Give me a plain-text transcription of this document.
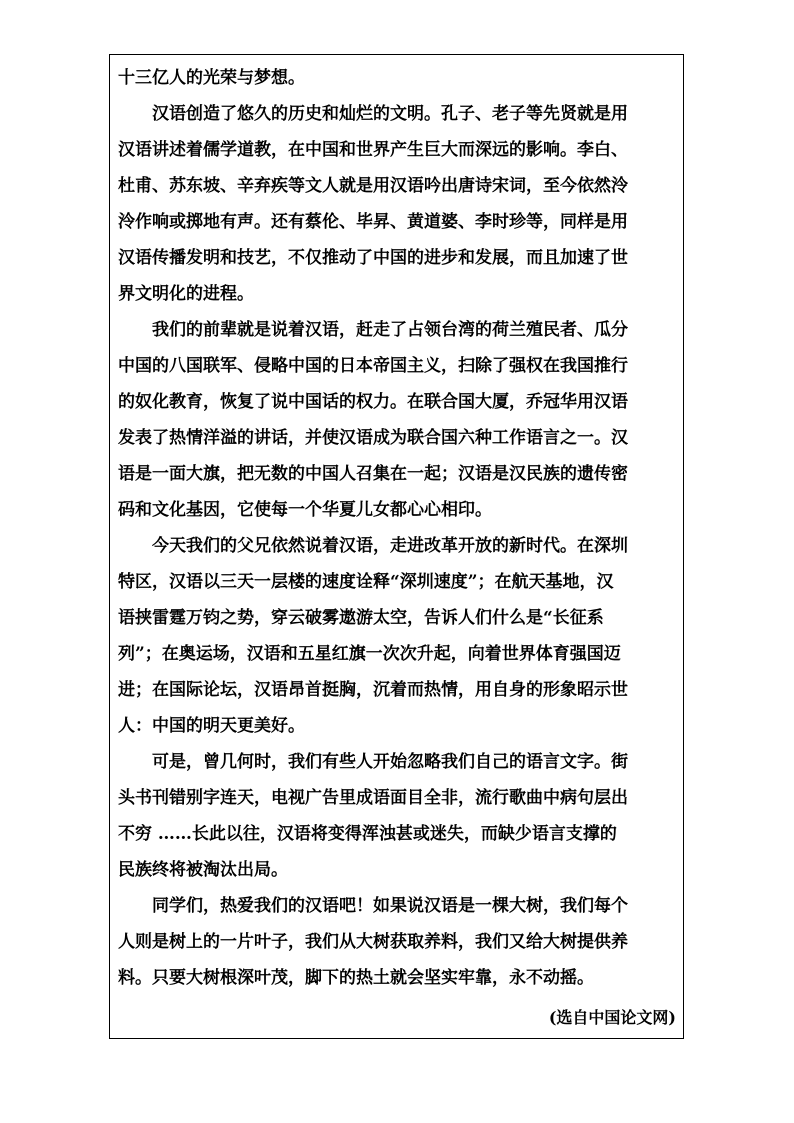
十三亿人的光荣与梦想。
汉语创造了悠久的历史和灿烂的文明。孔子、老子等先贤就是用
汉语讲述着儒学道教，在中国和世界产生巨大而深远的影响。李白、
杜甫、苏东坡、辛弃疾等文人就是用汉语吟出唐诗宋词，至今依然泠
泠作响或掷地有声。还有蔡伦、毕昇、黄道婆、李时珍等，同样是用
汉语传播发明和技艺，不仅推动了中国的进步和发展，而且加速了世
界文明化的进程。
我们的前辈就是说着汉语，赶走了占领台湾的荷兰殖民者、瓜分
中国的八国联军、侵略中国的日本帝国主义，扫除了强权在我国推行
的奴化教育，恢复了说中国话的权力。在联合国大厦，乔冠华用汉语
发表了热情洋溢的讲话，并使汉语成为联合国六种工作语言之一。汉
语是一面大旗，把无数的中国人召集在一起；汉语是汉民族的遗传密
码和文化基因，它使每一个华夏儿女都心心相印。
今天我们的父兄依然说着汉语，走进改革开放的新时代。在深圳
特区，汉语以三天一层楼的速度诠释“深圳速度”；在航天基地，汉
语挟雷霆万钧之势，穿云破雾遨游太空，告诉人们什么是“长征系
列”；在奥运场，汉语和五星红旗一次次升起，向着世界体育强国迈
进；在国际论坛，汉语昂首挺胸，沉着而热情，用自身的形象昭示世
人：中国的明天更美好。
可是，曾几何时，我们有些人开始忽略我们自己的语言文字。街
头书刊错别字连天，电视广告里成语面目全非，流行歌曲中病句层出
不穷 ……长此以往，汉语将变得浑浊甚或迷失，而缺少语言支撑的
民族终将被淘汰出局。
同学们，热爱我们的汉语吧！如果说汉语是一棵大树，我们每个
人则是树上的一片叶子，我们从大树获取养料，我们又给大树提供养
料。只要大树根深叶茂，脚下的热土就会坚实牢靠，永不动摇。
(选自中国论文网)
